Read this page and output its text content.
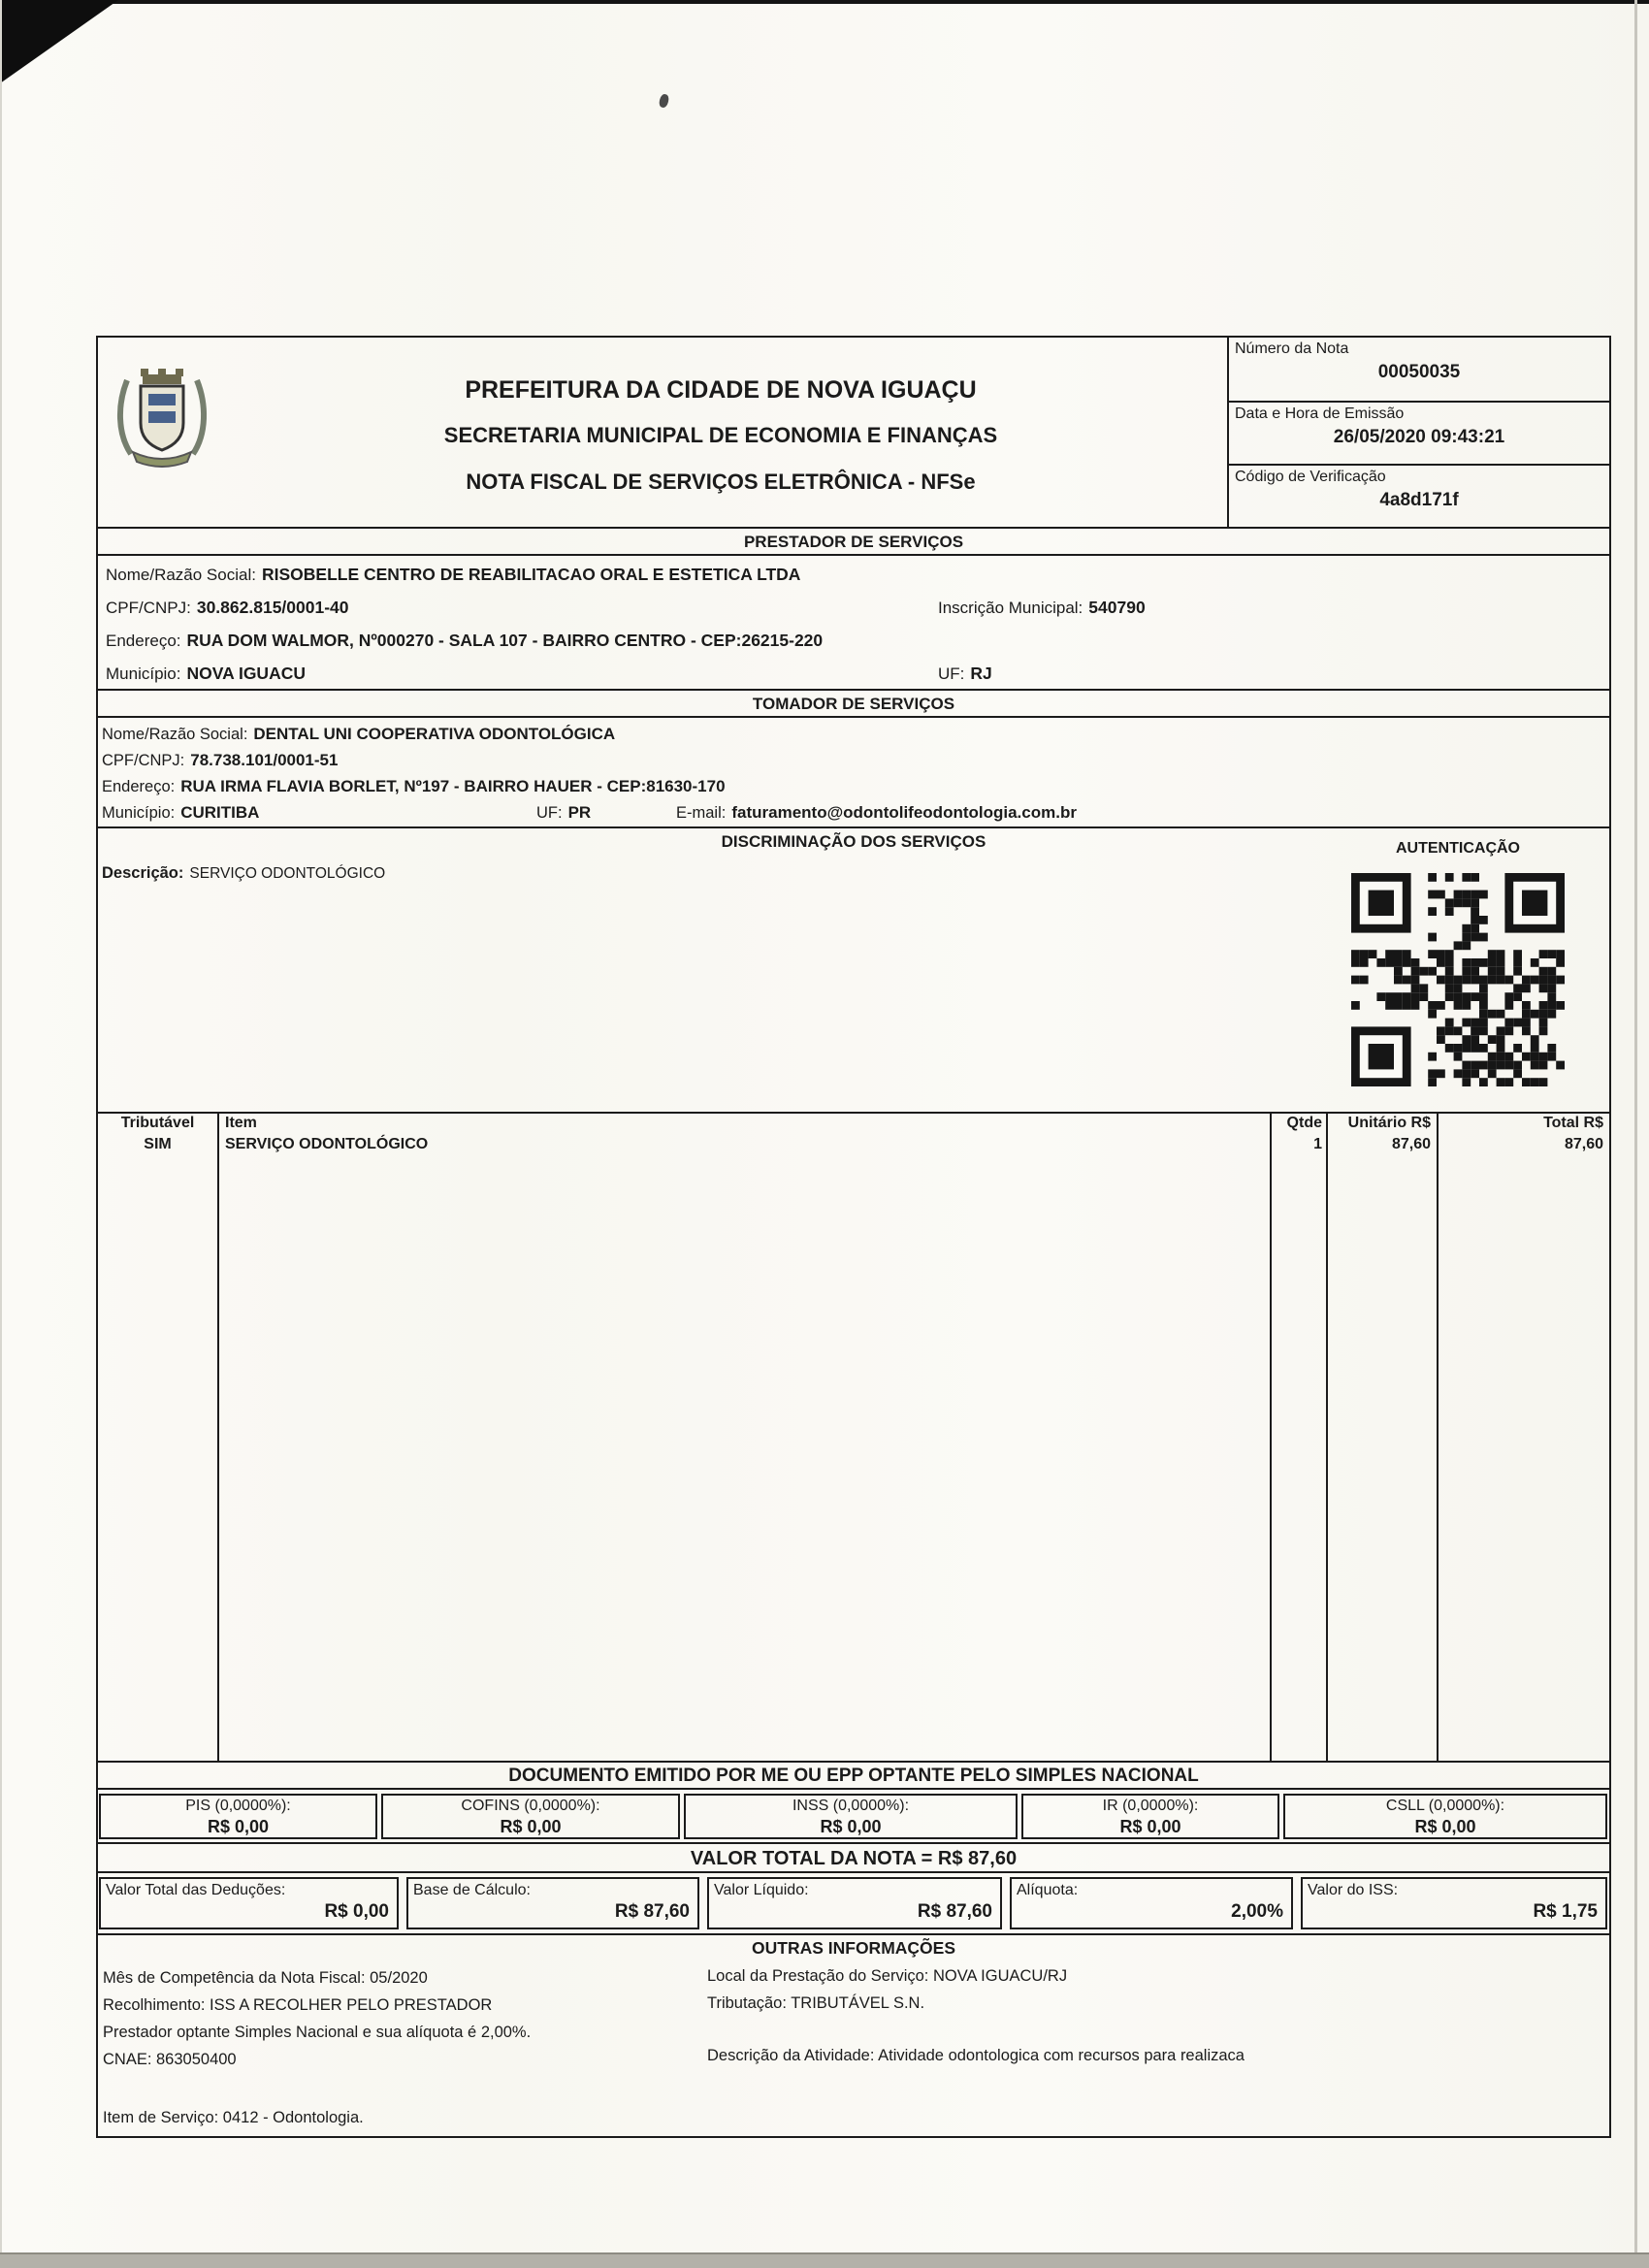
PREFEITURA DA CIDADE DE NOVA IGUAÇU
SECRETARIA MUNICIPAL DE ECONOMIA E FINANÇAS
NOTA FISCAL DE SERVIÇOS ELETRÔNICA - NFSe
Número da Nota
00050035
Data e Hora de Emissão
26/05/2020 09:43:21
Código de Verificação
4a8d171f
PRESTADOR DE SERVIÇOS
Nome/Razão Social: RISOBELLE CENTRO DE REABILITACAO ORAL E ESTETICA LTDA
CPF/CNPJ: 30.862.815/0001-40	Inscrição Municipal: 540790
Endereço: RUA DOM WALMOR, Nº000270 - SALA 107 - BAIRRO CENTRO - CEP:26215-220
Município: NOVA IGUACU	UF: RJ
TOMADOR DE SERVIÇOS
Nome/Razão Social: DENTAL UNI COOPERATIVA ODONTOLÓGICA
CPF/CNPJ: 78.738.101/0001-51
Endereço: RUA IRMA FLAVIA BORLET, Nº197 - BAIRRO HAUER - CEP:81630-170
Município: CURITIBA	UF: PR	E-mail: faturamento@odontolifeodontologia.com.br
DISCRIMINAÇÃO DOS SERVIÇOS	AUTENTICAÇÃO
Descrição: SERVIÇO ODONTOLÓGICO
Tributável	Item	Qtde	Unitário R$	Total R$
SIM	SERVIÇO ODONTOLÓGICO	1	87,60	87,60
DOCUMENTO EMITIDO POR ME OU EPP OPTANTE PELO SIMPLES NACIONAL
PIS (0,0000%):
R$ 0,00
COFINS (0,0000%):
R$ 0,00
INSS (0,0000%):
R$ 0,00
IR (0,0000%):
R$ 0,00
CSLL (0,0000%):
R$ 0,00
VALOR TOTAL DA NOTA = R$ 87,60
Valor Total das Deduções:
R$ 0,00
Base de Cálculo:
R$ 87,60
Valor Líquido:
R$ 87,60
Alíquota:
2,00%
Valor do ISS:
R$ 1,75
OUTRAS INFORMAÇÕES
Mês de Competência da Nota Fiscal: 05/2020
Recolhimento: ISS A RECOLHER PELO PRESTADOR
Prestador optante Simples Nacional e sua alíquota é 2,00%.
CNAE: 863050400
Local da Prestação do Serviço: NOVA IGUACU/RJ
Tributação: TRIBUTÁVEL S.N.
Descrição da Atividade: Atividade odontologica com recursos para realizaca
Item de Serviço: 0412 - Odontologia.
